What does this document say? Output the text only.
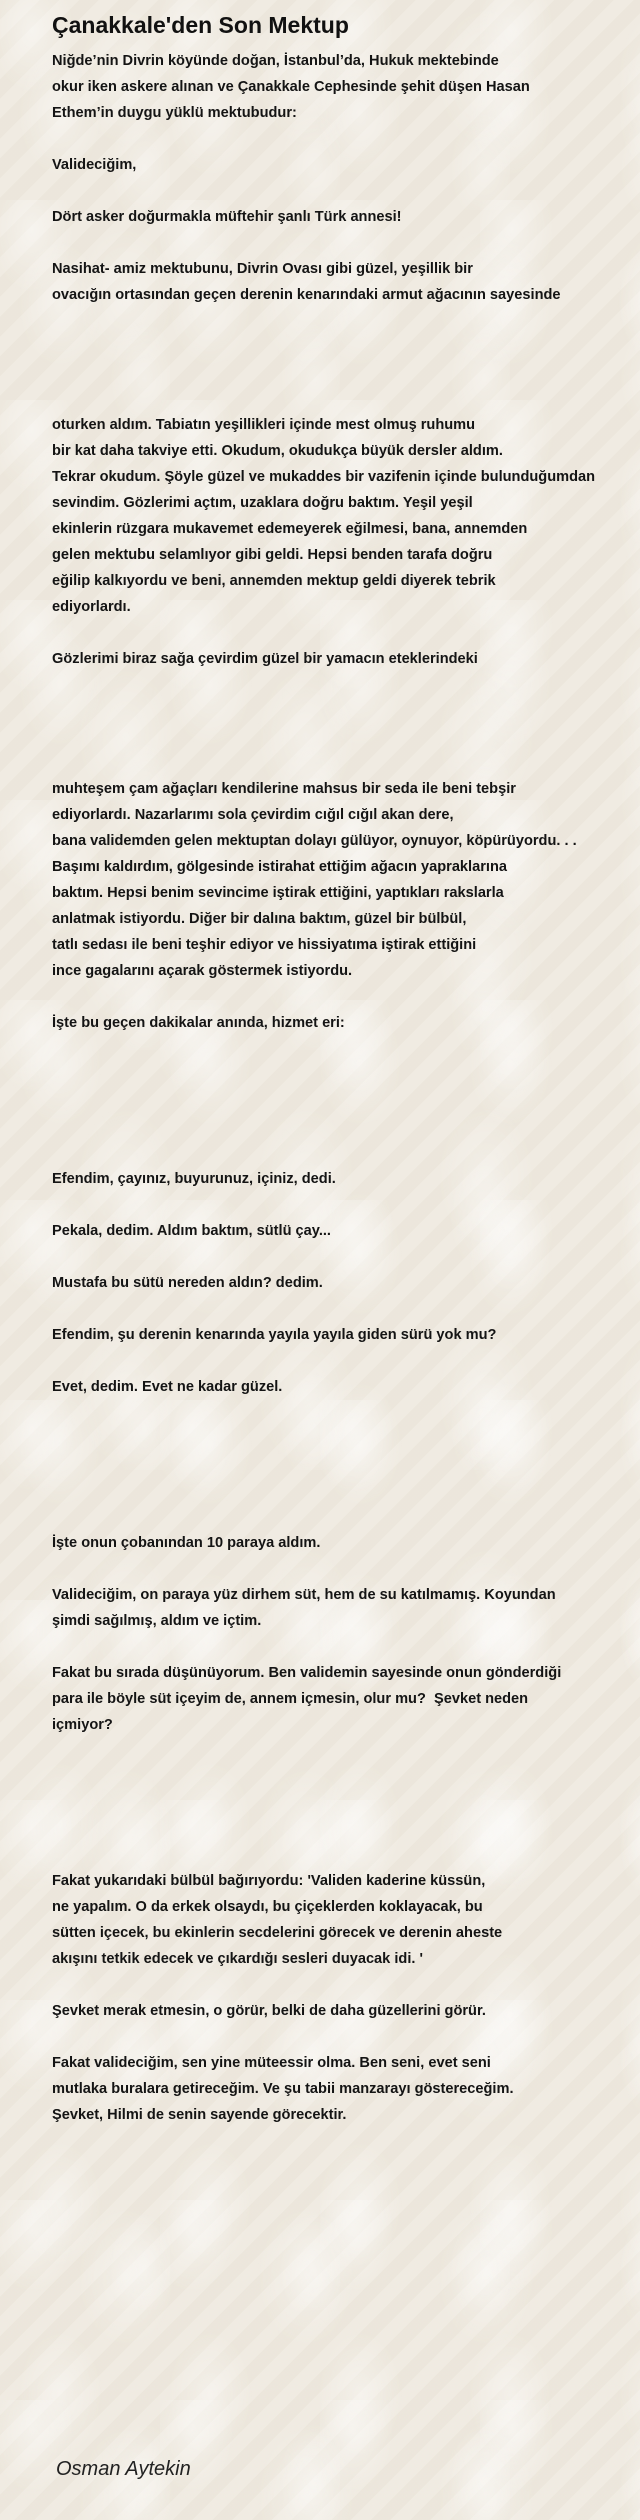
Çanakkale'den Son Mektup
Niğde’nin Divrin köyünde doğan, İstanbul’da, Hukuk mektebinde
okur iken askere alınan ve Çanakkale Cephesinde şehit düşen Hasan
Ethem’in duygu yüklü mektubudur:

Valideciğim,

Dört asker doğurmakla müftehir şanlı Türk annesi!

Nasihat- amiz mektubunu, Divrin Ovası gibi güzel, yeşillik bir
ovacığın ortasından geçen derenin kenarındaki armut ağacının sayesinde

oturken aldım. Tabiatın yeşillikleri içinde mest olmuş ruhumu
bir kat daha takviye etti. Okudum, okudukça büyük dersler aldım.
Tekrar okudum. Şöyle güzel ve mukaddes bir vazifenin içinde bulunduğumdan
sevindim. Gözlerimi açtım, uzaklara doğru baktım. Yeşil yeşil
ekinlerin rüzgara mukavemet edemeyerek eğilmesi, bana, annemden
gelen mektubu selamlıyor gibi geldi. Hepsi benden tarafa doğru
eğilip kalkıyordu ve beni, annemden mektup geldi diyerek tebrik
ediyorlardı.

Gözlerimi biraz sağa çevirdim güzel bir yamacın eteklerindeki

muhteşem çam ağaçları kendilerine mahsus bir seda ile beni tebşir
ediyorlardı. Nazarlarımı sola çevirdim cığıl cığıl akan dere,
bana validemden gelen mektuptan dolayı gülüyor, oynuyor, köpürüyordu. . .
Başımı kaldırdım, gölgesinde istirahat ettiğim ağacın yapraklarına
baktım. Hepsi benim sevincime iştirak ettiğini, yaptıkları rakslarla
anlatmak istiyordu. Diğer bir dalına baktım, güzel bir bülbül,
tatlı sedası ile beni teşhir ediyor ve hissiyatıma iştirak ettiğini
ince gagalarını açarak göstermek istiyordu.

İşte bu geçen dakikalar anında, hizmet eri:

Efendim, çayınız, buyurunuz, içiniz, dedi.

Pekala, dedim. Aldım baktım, sütlü çay...

Mustafa bu sütü nereden aldın? dedim.

Efendim, şu derenin kenarında yayıla yayıla giden sürü yok mu?

Evet, dedim. Evet ne kadar güzel.

İşte onun çobanından 10 paraya aldım.

Valideciğim, on paraya yüz dirhem süt, hem de su katılmamış. Koyundan
şimdi sağılmış, aldım ve içtim.

Fakat bu sırada düşünüyorum. Ben validemin sayesinde onun gönderdiği
para ile böyle süt içeyim de, annem içmesin, olur mu?  Şevket neden
içmiyor?

Fakat yukarıdaki bülbül bağırıyordu: 'Validen kaderine küssün,
ne yapalım. O da erkek olsaydı, bu çiçeklerden koklayacak, bu
sütten içecek, bu ekinlerin secdelerini görecek ve derenin aheste
akışını tetkik edecek ve çıkardığı sesleri duyacak idi. '

Şevket merak etmesin, o görür, belki de daha güzellerini görür.

Fakat valideciğim, sen yine müteessir olma. Ben seni, evet seni
mutlaka buralara getireceğim. Ve şu tabii manzarayı göstereceğim.
Şevket, Hilmi de senin sayende görecektir.
Osman Aytekin
